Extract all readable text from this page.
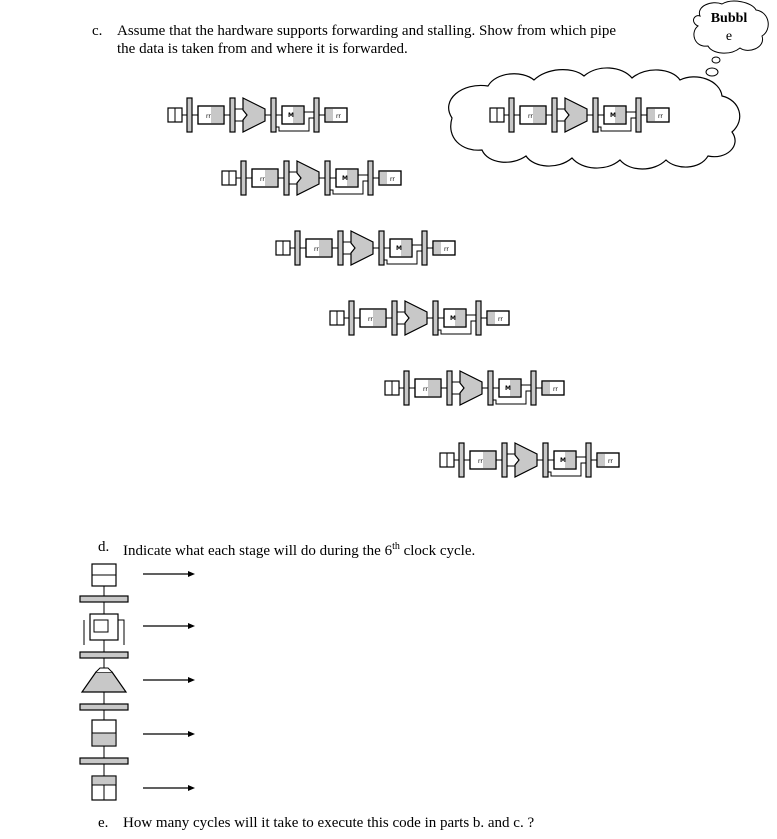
c. Assume that the hardware supports forwarding and stalling. Show from which pipe
the data is taken from and where it is forwarded.
Bubbl
e
d. Indicate what each stage will do during the 6th clock cycle.
e. How many cycles will it take to execute this code in parts b. and c. ?
rr	M	rr	rr	M	rr
rr	M	rr
rr	M	rr
rr	M	rr
rr	M	rr
rr	M	rr
